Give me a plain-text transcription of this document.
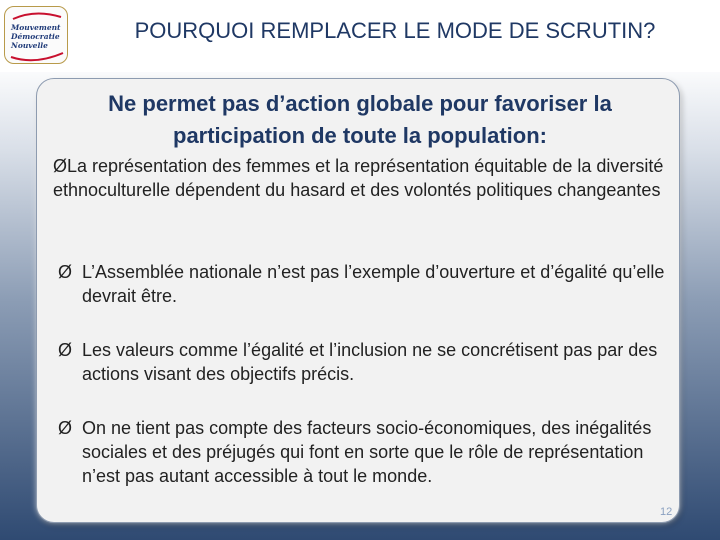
Mouvement
Démocratie
Nouvelle
POURQUOI REMPLACER LE MODE DE SCRUTIN?
Ne permet pas d’action globale pour favoriser la participation de toute la population:
ØLa représentation des femmes et la représentation équitable de la diversité ethnoculturelle dépendent du hasard et des volontés politiques changeantes
Ø L’Assemblée nationale n’est pas l’exemple d’ouverture et d’égalité qu’elle devrait être.
Ø Les valeurs comme l’égalité et l’inclusion ne se concrétisent pas par des actions visant des objectifs précis.
Ø On ne tient pas compte des facteurs socio-économiques, des inégalités sociales et des préjugés qui font en sorte que le rôle de représentation n’est pas autant accessible à tout le monde.
12
